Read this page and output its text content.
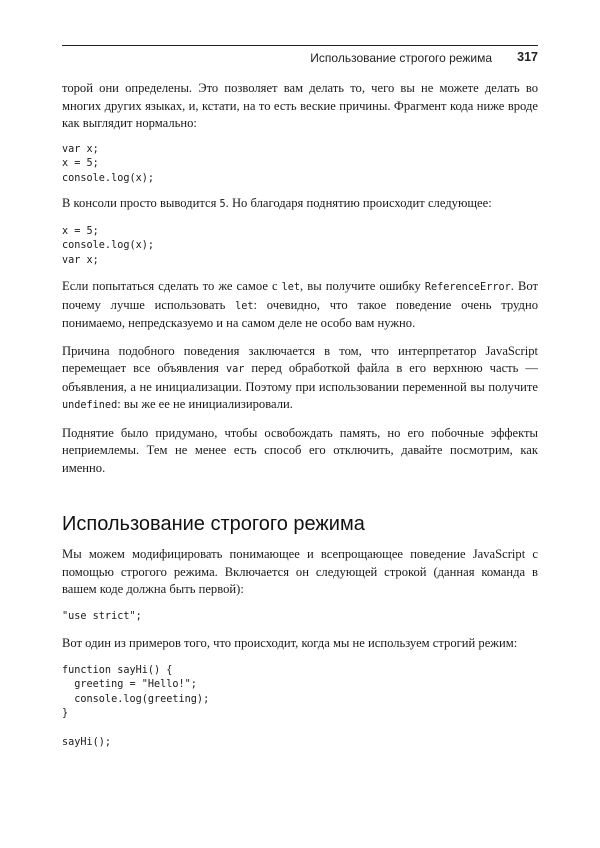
Использование строгого режима 317

торой они определены. Это позволяет вам делать то, чего вы не можете делать во многих других языках, и, кстати, на то есть веские причины. Фрагмент кода ниже вроде как выглядит нормально:

var x;
x = 5;
console.log(x);

В консоли просто выводится 5. Но благодаря поднятию происходит следующее:

x = 5;
console.log(x);
var x;

Если попытаться сделать то же самое с let, вы получите ошибку ReferenceError. Вот почему лучше использовать let: очевидно, что такое поведение очень трудно понимаемо, непредсказуемо и на самом деле не особо вам нужно.

Причина подобного поведения заключается в том, что интерпретатор JavaScript перемещает все объявления var перед обработкой файла в его верхнюю часть — объявления, а не инициализации. Поэтому при использовании переменной вы получите undefined: вы же ее не инициализировали.

Поднятие было придумано, чтобы освобождать память, но его побочные эффекты неприемлемы. Тем не менее есть способ его отключить, давайте посмотрим, как именно.

Использование строгого режима

Мы можем модифицировать понимающее и всепрощающее поведение JavaScript с помощью строгого режима. Включается он следующей строкой (данная команда в вашем коде должна быть первой):

"use strict";

Вот один из примеров того, что происходит, когда мы не используем строгий режим:

function sayHi() {
greeting = "Hello!";
console.log(greeting);
}

sayHi();
